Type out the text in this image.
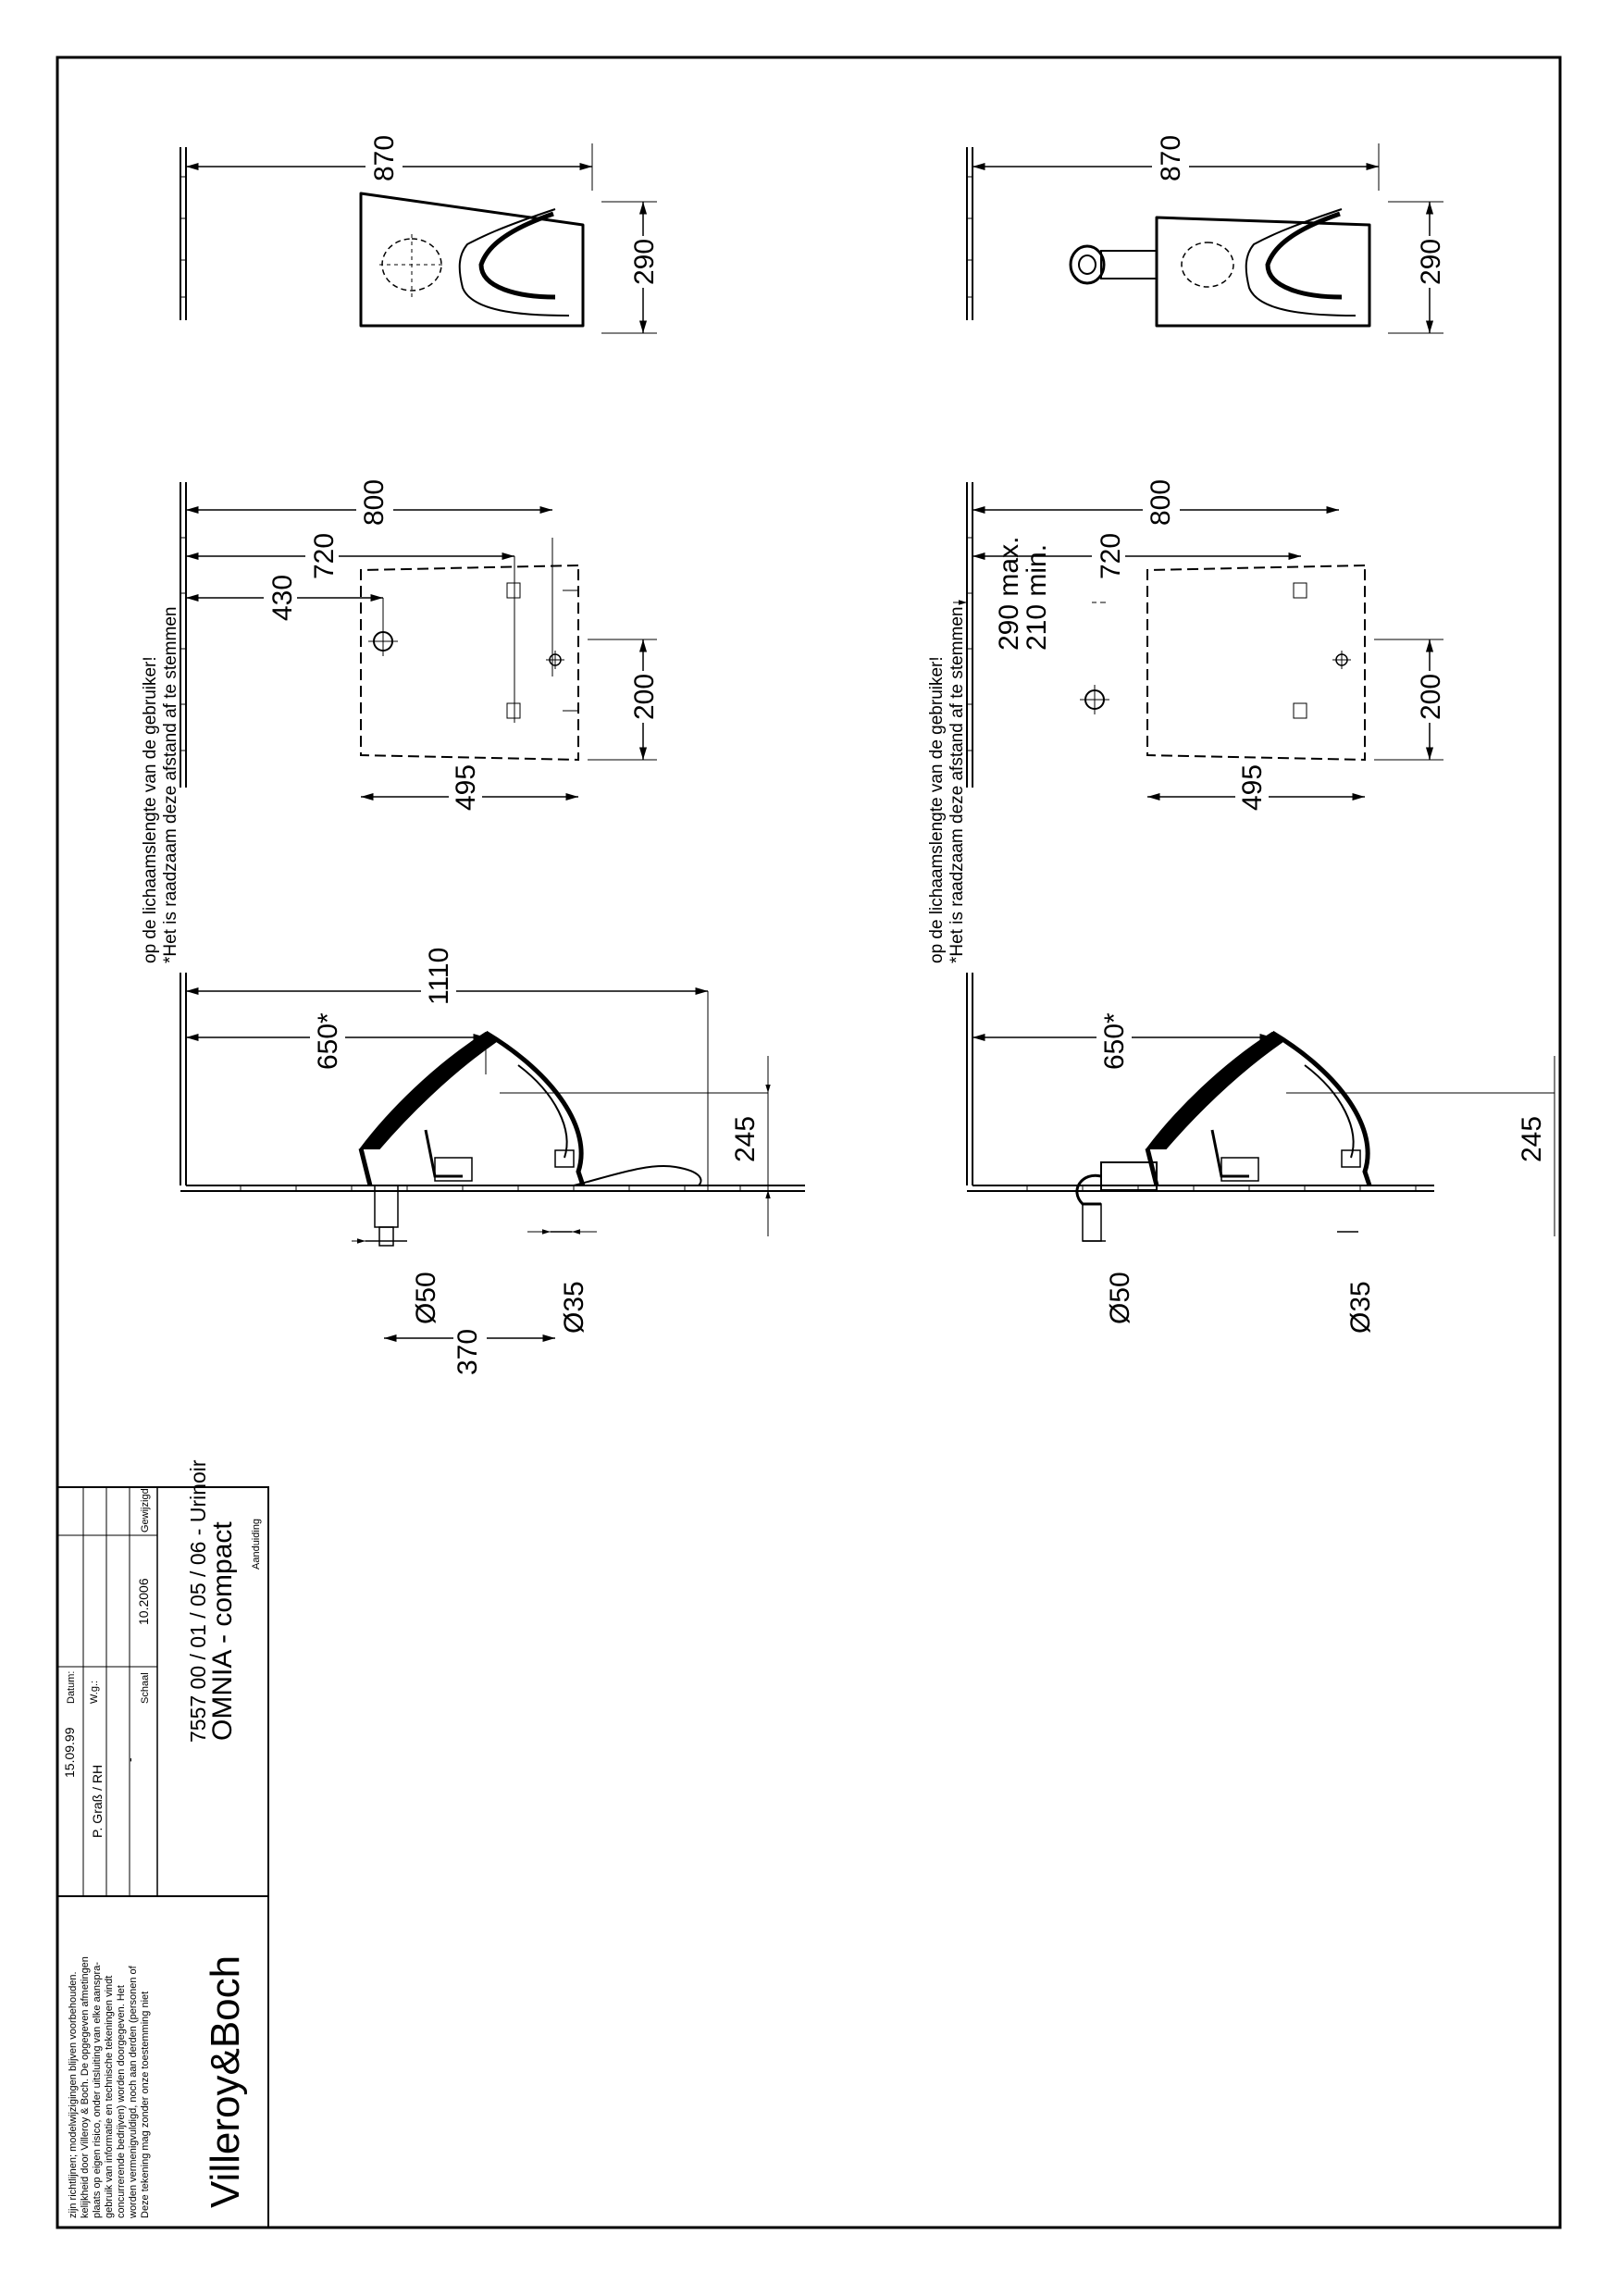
870
290
800
720
430
200
495
1110
650*
245
Ø50	Ø35
370
*Het is raadzaam deze afstand af te stemmen
op de lichaamslengte van de gebruiker!
870
290
800
720
290 max.
210 min.
200
495
650*
245
Ø50	Ø35
*Het is raadzaam deze afstand af te stemmen
op de lichaamslengte van de gebruiker!
Aanduiding
OMNIA - compact
7557 00 / 01 / 05 / 06 - Urinoir
Gewijzigd:
10.2006
Schaal
-
W.g.:
P. Graß / RH
Datum:
15.09.99
Villeroy&Boch
Deze tekening mag zonder onze toestemming niet
worden vermenigvuldigd, noch aan derden (personen of
concurrerende bedrijven) worden doorgegeven. Het
gebruik van informatie en technische tekeningen vindt
plaats op eigen risico, onder uitsluiting van elke aanspra-
kelijkheid door Villeroy & Boch. De opgegeven afmetingen
zijn richtlijnen; modelwijzigingen blijven voorbehouden.
